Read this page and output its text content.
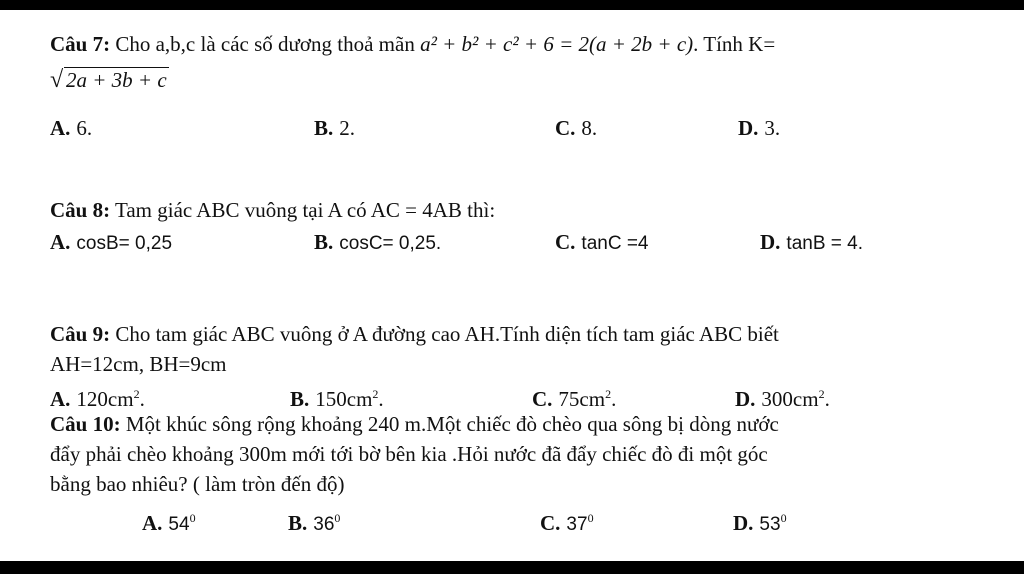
Câu 7: Cho a,b,c là các số dương thoả mãn a² + b² + c² + 6 = 2(a + 2b + c). Tính K=
√ 2a + 3b + c
A. 6.	B. 2.	C. 8.	D. 3.
Câu 8: Tam giác ABC vuông tại A có AC = 4AB thì:
A. cosB= 0,25	B. cosC= 0,25.	C. tanC =4	D. tanB = 4.
Câu 9: Cho tam giác ABC vuông ở A đường cao AH.Tính diện tích tam giác ABC biết
AH=12cm, BH=9cm
A. $120cm^2$.	B. $150cm^2$.	C. $75cm^2$.	D. $300cm^2$.
Câu 10: Một khúc sông rộng khoảng 240 m.Một chiếc đò chèo qua sông bị dòng nước
đẩy phải chèo khoảng 300m mới tới bờ bên kia .Hỏi nước đã đẩy chiếc đò đi một góc
bằng bao nhiêu? ( làm tròn đến độ)
A. $54^0$	B. $36^0$	C. $37^0$	D. $53^0$
